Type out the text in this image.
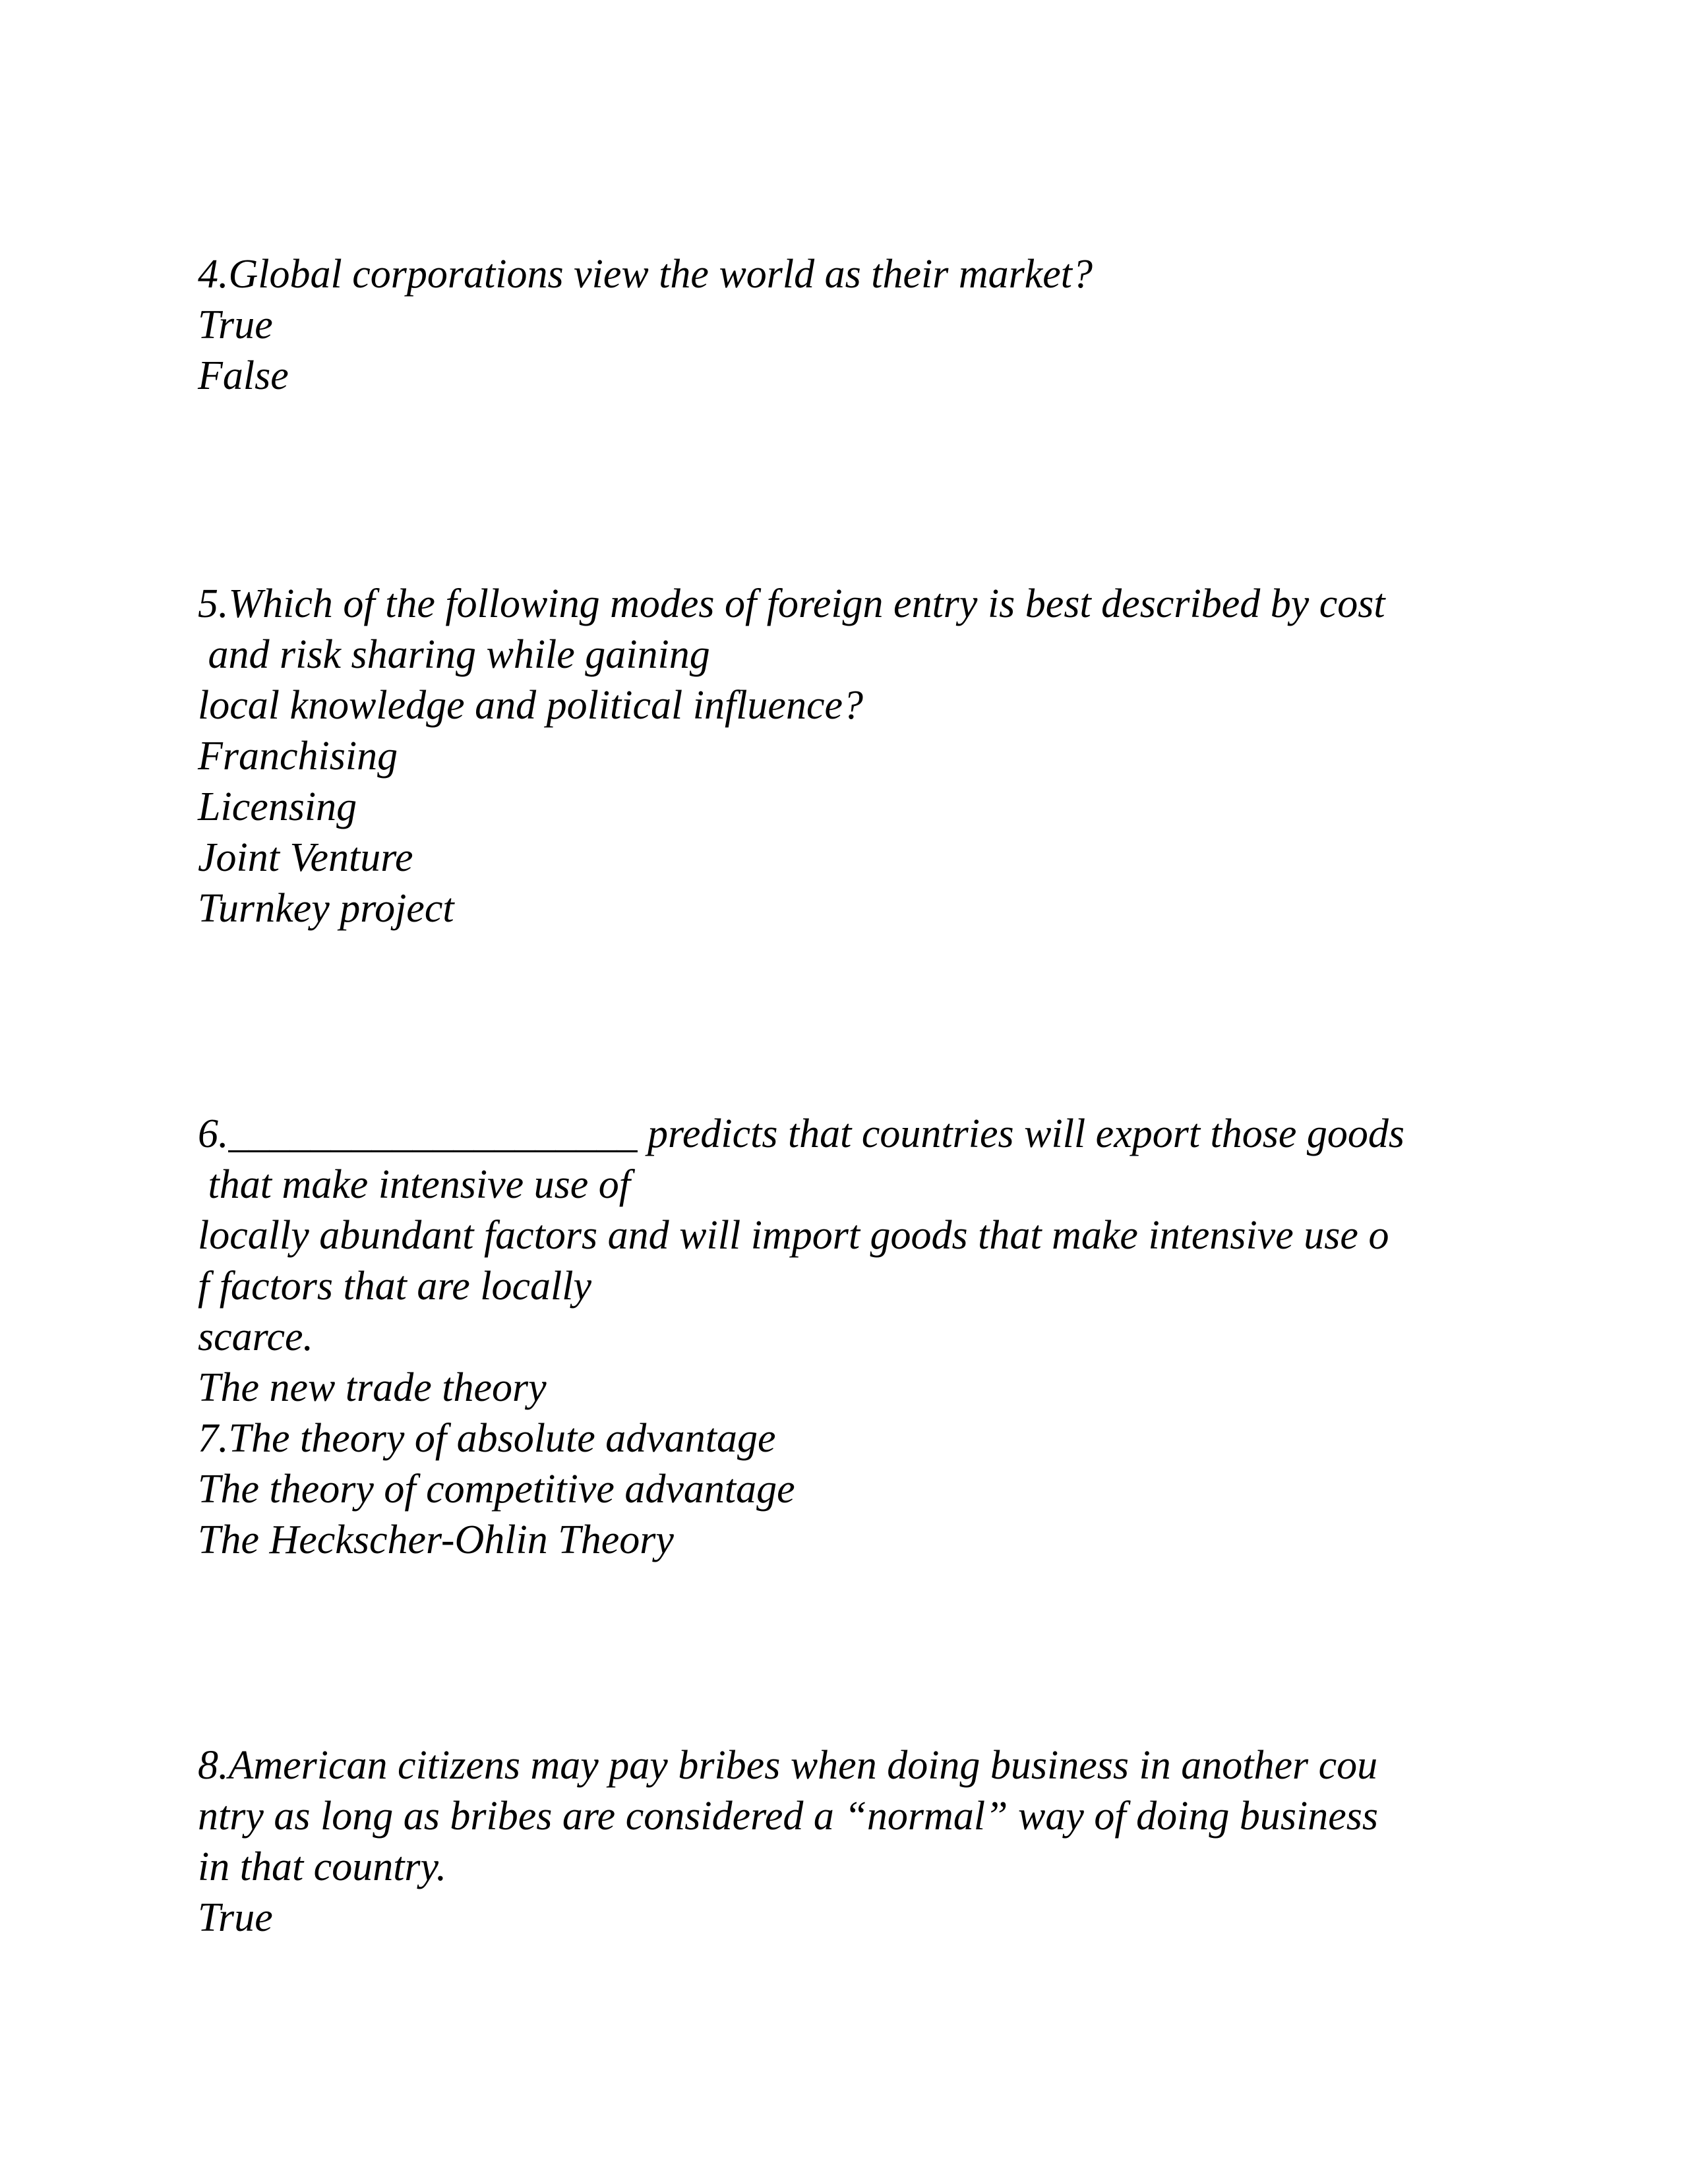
4.Global corporations view the world as their market?
True
False
5.Which of the following modes of foreign entry is best described by cost
and risk sharing while gaining
local knowledge and political influence?
Franchising
Licensing
Joint Venture
Turnkey project
6.____________________ predicts that countries will export those goods
that make intensive use of
locally abundant factors and will import goods that make intensive use o
f factors that are locally
scarce.
The new trade theory
7.The theory of absolute advantage
The theory of competitive advantage
The Heckscher-Ohlin Theory
8.American citizens may pay bribes when doing business in another cou
ntry as long as bribes are considered a “normal” way of doing business
in that country.
True
